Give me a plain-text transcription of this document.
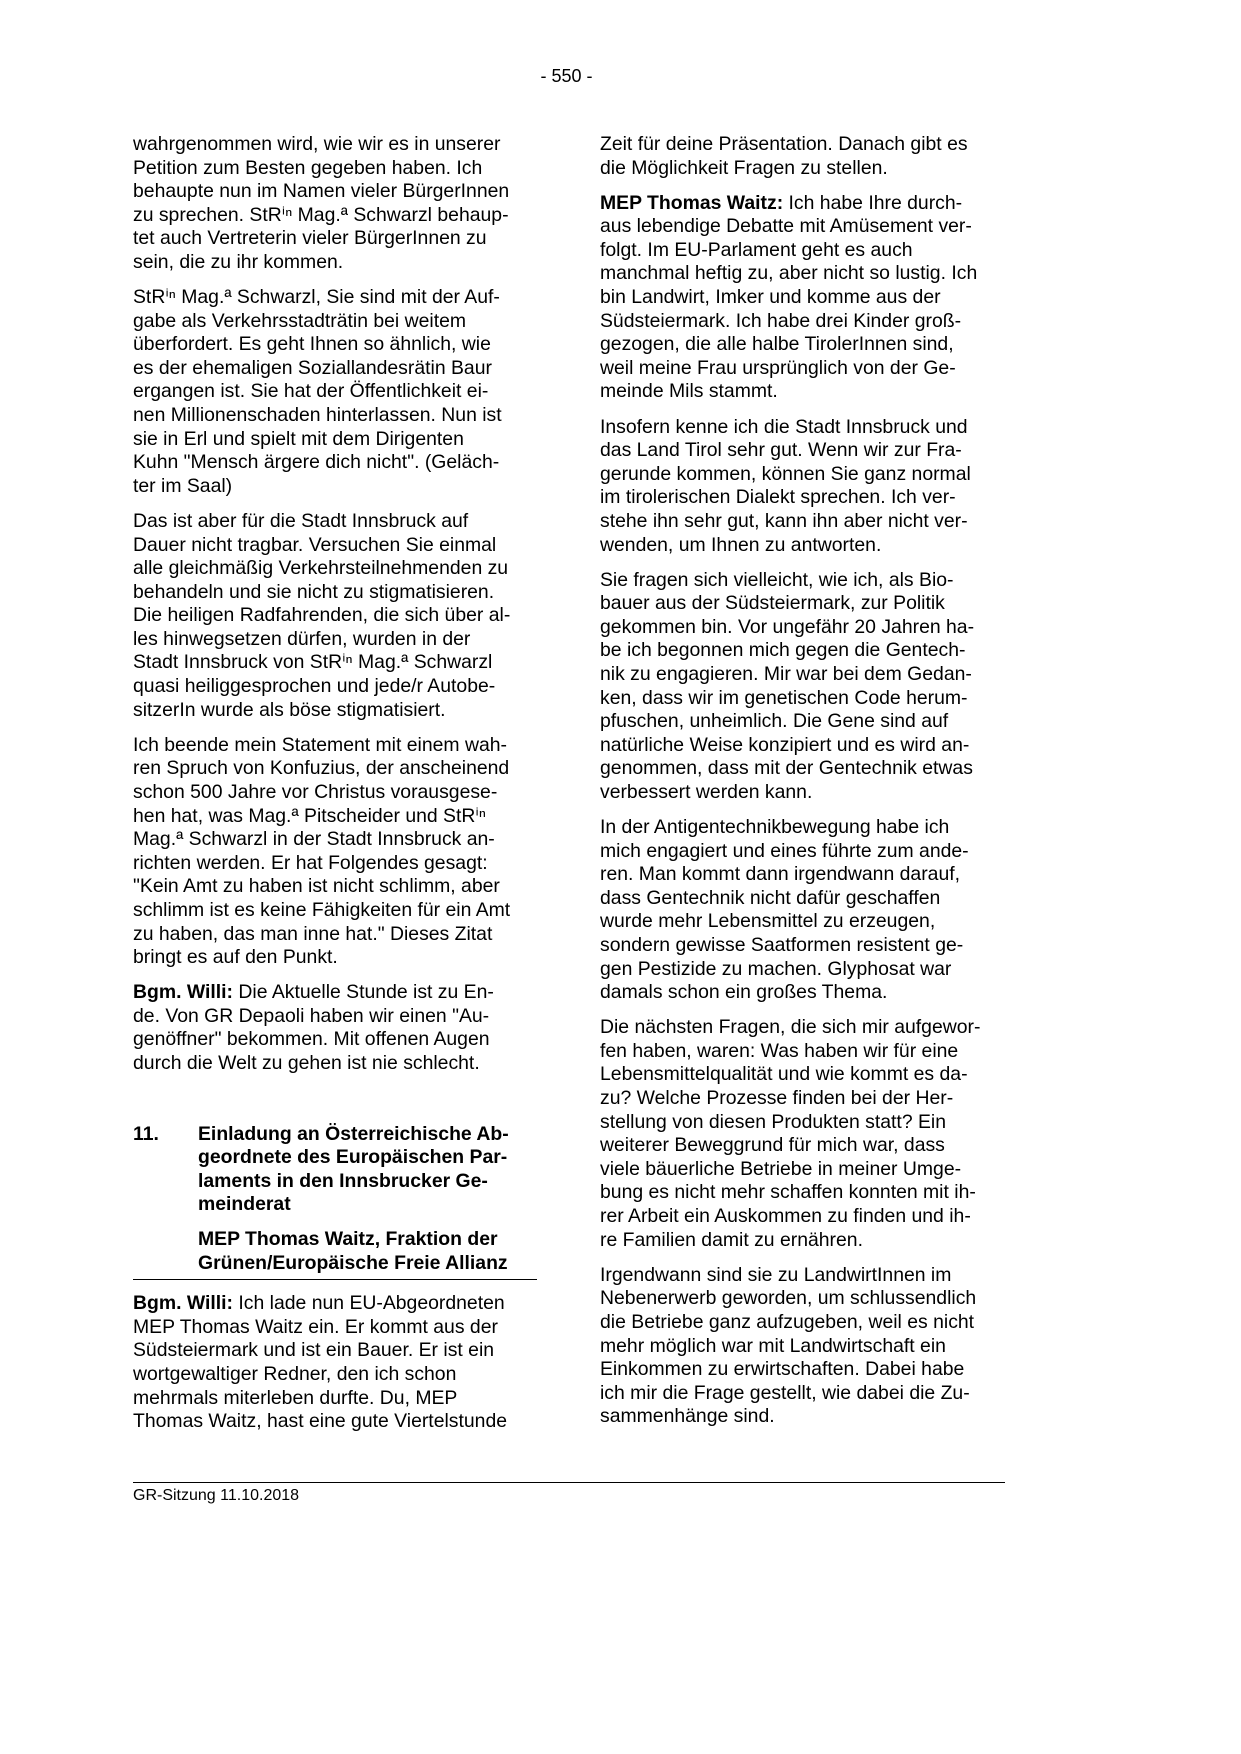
- 550 -
wahrgenommen wird, wie wir es in unserer
Petition zum Besten gegeben haben. Ich
behaupte nun im Namen vieler BürgerInnen
zu sprechen. StRⁱⁿ Mag.ª Schwarzl behaup-
tet auch Vertreterin vieler BürgerInnen zu
sein, die zu ihr kommen.
StRⁱⁿ Mag.ª Schwarzl, Sie sind mit der Auf-
gabe als Verkehrsstadträtin bei weitem
überfordert. Es geht Ihnen so ähnlich, wie
es der ehemaligen Soziallandesrätin Baur
ergangen ist. Sie hat der Öffentlichkeit ei-
nen Millionenschaden hinterlassen. Nun ist
sie in Erl und spielt mit dem Dirigenten
Kuhn "Mensch ärgere dich nicht". (Geläch-
ter im Saal)
Das ist aber für die Stadt Innsbruck auf
Dauer nicht tragbar. Versuchen Sie einmal
alle gleichmäßig Verkehrsteilnehmenden zu
behandeln und sie nicht zu stigmatisieren.
Die heiligen Radfahrenden, die sich über al-
les hinwegsetzen dürfen, wurden in der
Stadt Innsbruck von StRⁱⁿ Mag.ª Schwarzl
quasi heiliggesprochen und jede/r Autobe-
sitzerIn wurde als böse stigmatisiert.
Ich beende mein Statement mit einem wah-
ren Spruch von Konfuzius, der anscheinend
schon 500 Jahre vor Christus vorausgese-
hen hat, was Mag.ª Pitscheider und StRⁱⁿ
Mag.ª Schwarzl in der Stadt Innsbruck an-
richten werden. Er hat Folgendes gesagt:
"Kein Amt zu haben ist nicht schlimm, aber
schlimm ist es keine Fähigkeiten für ein Amt
zu haben, das man inne hat." Dieses Zitat
bringt es auf den Punkt.
Bgm. Willi: Die Aktuelle Stunde ist zu En-
de. Von GR Depaoli haben wir einen "Au-
genöffner" bekommen. Mit offenen Augen
durch die Welt zu gehen ist nie schlecht.
11. Einladung an Österreichische Ab-
geordnete des Europäischen Par-
laments in den Innsbrucker Ge-
meinderat
MEP Thomas Waitz, Fraktion der
Grünen/Europäische Freie Allianz
Bgm. Willi: Ich lade nun EU-Abgeordneten
MEP Thomas Waitz ein. Er kommt aus der
Südsteiermark und ist ein Bauer. Er ist ein
wortgewaltiger Redner, den ich schon
mehrmals miterleben durfte. Du, MEP
Thomas Waitz, hast eine gute Viertelstunde
Zeit für deine Präsentation. Danach gibt es
die Möglichkeit Fragen zu stellen.
MEP Thomas Waitz: Ich habe Ihre durch-
aus lebendige Debatte mit Amüsement ver-
folgt. Im EU-Parlament geht es auch
manchmal heftig zu, aber nicht so lustig. Ich
bin Landwirt, Imker und komme aus der
Südsteiermark. Ich habe drei Kinder groß-
gezogen, die alle halbe TirolerInnen sind,
weil meine Frau ursprünglich von der Ge-
meinde Mils stammt.
Insofern kenne ich die Stadt Innsbruck und
das Land Tirol sehr gut. Wenn wir zur Fra-
gerunde kommen, können Sie ganz normal
im tirolerischen Dialekt sprechen. Ich ver-
stehe ihn sehr gut, kann ihn aber nicht ver-
wenden, um Ihnen zu antworten.
Sie fragen sich vielleicht, wie ich, als Bio-
bauer aus der Südsteiermark, zur Politik
gekommen bin. Vor ungefähr 20 Jahren ha-
be ich begonnen mich gegen die Gentech-
nik zu engagieren. Mir war bei dem Gedan-
ken, dass wir im genetischen Code herum-
pfuschen, unheimlich. Die Gene sind auf
natürliche Weise konzipiert und es wird an-
genommen, dass mit der Gentechnik etwas
verbessert werden kann.
In der Antigentechnikbewegung habe ich
mich engagiert und eines führte zum ande-
ren. Man kommt dann irgendwann darauf,
dass Gentechnik nicht dafür geschaffen
wurde mehr Lebensmittel zu erzeugen,
sondern gewisse Saatformen resistent ge-
gen Pestizide zu machen. Glyphosat war
damals schon ein großes Thema.
Die nächsten Fragen, die sich mir aufgewor-
fen haben, waren: Was haben wir für eine
Lebensmittelqualität und wie kommt es da-
zu? Welche Prozesse finden bei der Her-
stellung von diesen Produkten statt? Ein
weiterer Beweggrund für mich war, dass
viele bäuerliche Betriebe in meiner Umge-
bung es nicht mehr schaffen konnten mit ih-
rer Arbeit ein Auskommen zu finden und ih-
re Familien damit zu ernähren.
Irgendwann sind sie zu LandwirtInnen im
Nebenerwerb geworden, um schlussendlich
die Betriebe ganz aufzugeben, weil es nicht
mehr möglich war mit Landwirtschaft ein
Einkommen zu erwirtschaften. Dabei habe
ich mir die Frage gestellt, wie dabei die Zu-
sammenhänge sind.
GR-Sitzung 11.10.2018
